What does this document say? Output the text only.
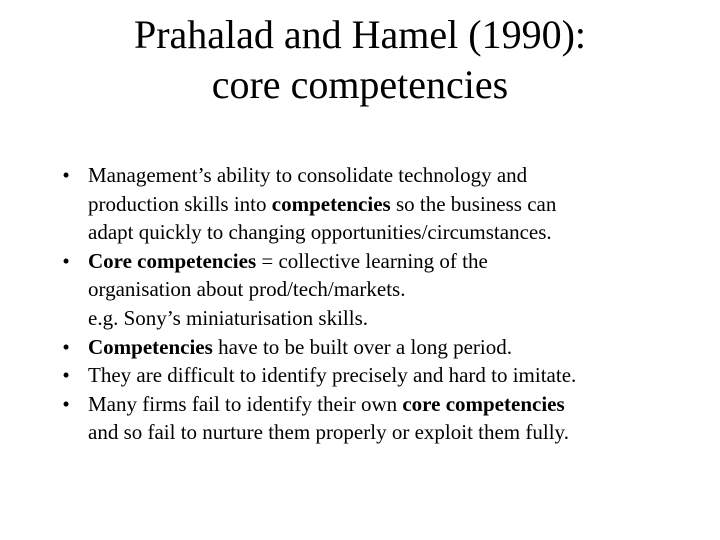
Prahalad and Hamel (1990):
core competencies
• Management’s ability to consolidate technology and
production skills into competencies so the business can
adapt quickly to changing opportunities/circumstances.
• Core competencies = collective learning of the
organisation about prod/tech/markets.
e.g. Sony’s miniaturisation skills.
• Competencies have to be built over a long period.
• They are difficult to identify precisely and hard to imitate.
• Many firms fail to identify their own core competencies
and so fail to nurture them properly or exploit them fully.
